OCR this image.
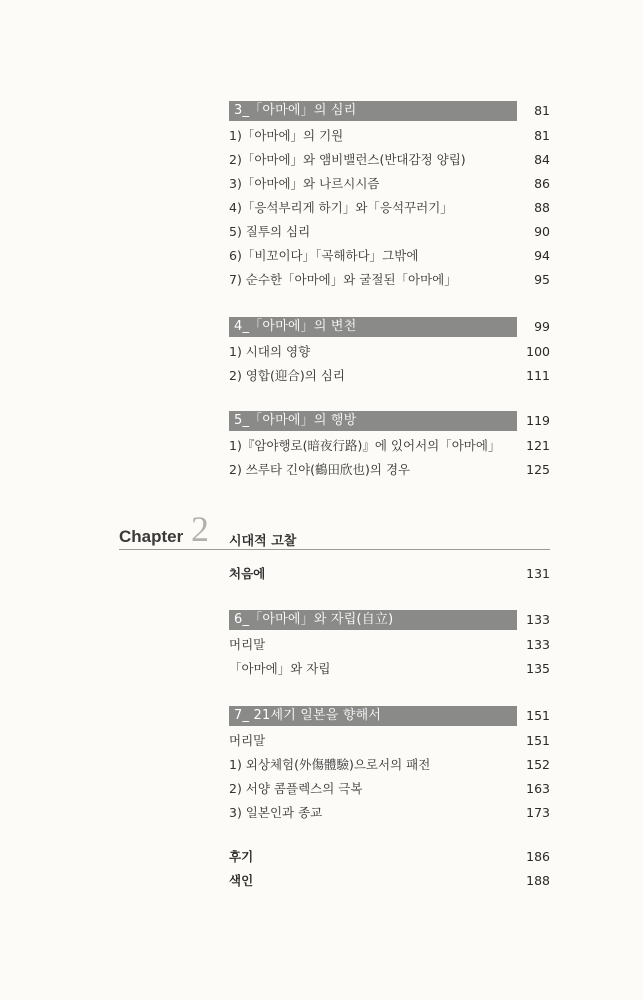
3_「아마에」의 심리	81
1)「아마에」의 기원	81
2)「아마에」와 앰비밸런스(반대감정 양립)	84
3)「아마에」와 나르시시즘	86
4)「응석부리게 하기」와「응석꾸러기」	88
5) 질투의 심리	90
6)「비꼬이다」「곡해하다」그밖에	94
7) 순수한「아마에」와 굴절된「아마에」	95
4_「아마에」의 변천	99
1) 시대의 영향	100
2) 영합(迎合)의 심리	111
5_「아마에」의 행방	119
1)『암야행로(暗夜行路)』에 있어서의「아마에」 121
2) 쓰루타 긴야(鶴田欣也)의 경우	125
Chapter 2 시대적 고찰
처음에	131
6_「아마에」와 자립(自立)	133
머리말	133
「아마에」와 자립	135
7_ 21세기 일본을 향해서	151
머리말	151
1) 외상체험(外傷體驗)으로서의 패전	152
2) 서양 콤플렉스의 극복	163
3) 일본인과 종교	173
후기	186
색인	188
